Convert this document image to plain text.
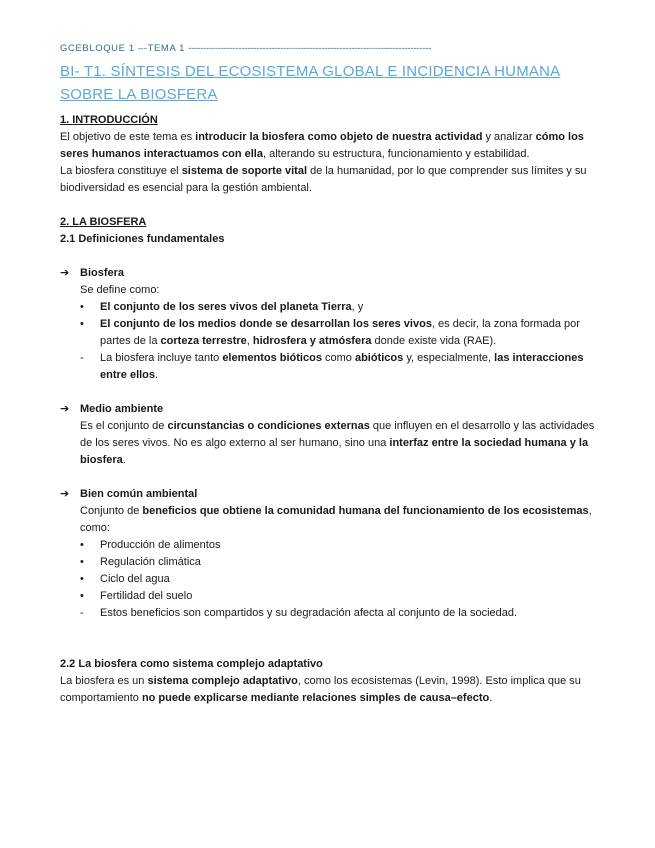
GCEBLOQUE 1 –-TEMA 1 ----------------------------------------------------------------------------------
BI- T1. SÍNTESIS DEL ECOSISTEMA GLOBAL E INCIDENCIA HUMANA SOBRE LA BIOSFERA

1. INTRODUCCIÓN

El objetivo de este tema es introducir la biosfera como objeto de nuestra actividad y analizar cómo los seres humanos interactuamos con ella, alterando su estructura, funcionamiento y estabilidad.

La biosfera constituye el sistema de soporte vital de la humanidad, por lo que comprender sus límites y su biodiversidad es esencial para la gestión ambiental.

2. LA BIOSFERA

2.1 Definiciones fundamentales

➔ Biosfera

Se define como:

• El conjunto de los seres vivos del planeta Tierra, y
• El conjunto de los medios donde se desarrollan los seres vivos, es decir, la zona formada por partes de la corteza terrestre, hidrosfera y atmósfera donde existe vida (RAE).
- La biosfera incluye tanto elementos bióticos como abióticos y, especialmente, las interacciones entre ellos.

➔ Medio ambiente

Es el conjunto de circunstancias o condiciones externas que influyen en el desarrollo y las actividades de los seres vivos. No es algo externo al ser humano, sino una interfaz entre la sociedad humana y la biosfera.

➔ Bien común ambiental

Conjunto de beneficios que obtiene la comunidad humana del funcionamiento de los ecosistemas, como:

• Producción de alimentos
• Regulación climática
• Ciclo del agua
• Fertilidad del suelo
- Estos beneficios son compartidos y su degradación afecta al conjunto de la sociedad.

2.2 La biosfera como sistema complejo adaptativo

La biosfera es un sistema complejo adaptativo, como los ecosistemas (Levin, 1998). Esto implica que su comportamiento no puede explicarse mediante relaciones simples de causa–efecto.
